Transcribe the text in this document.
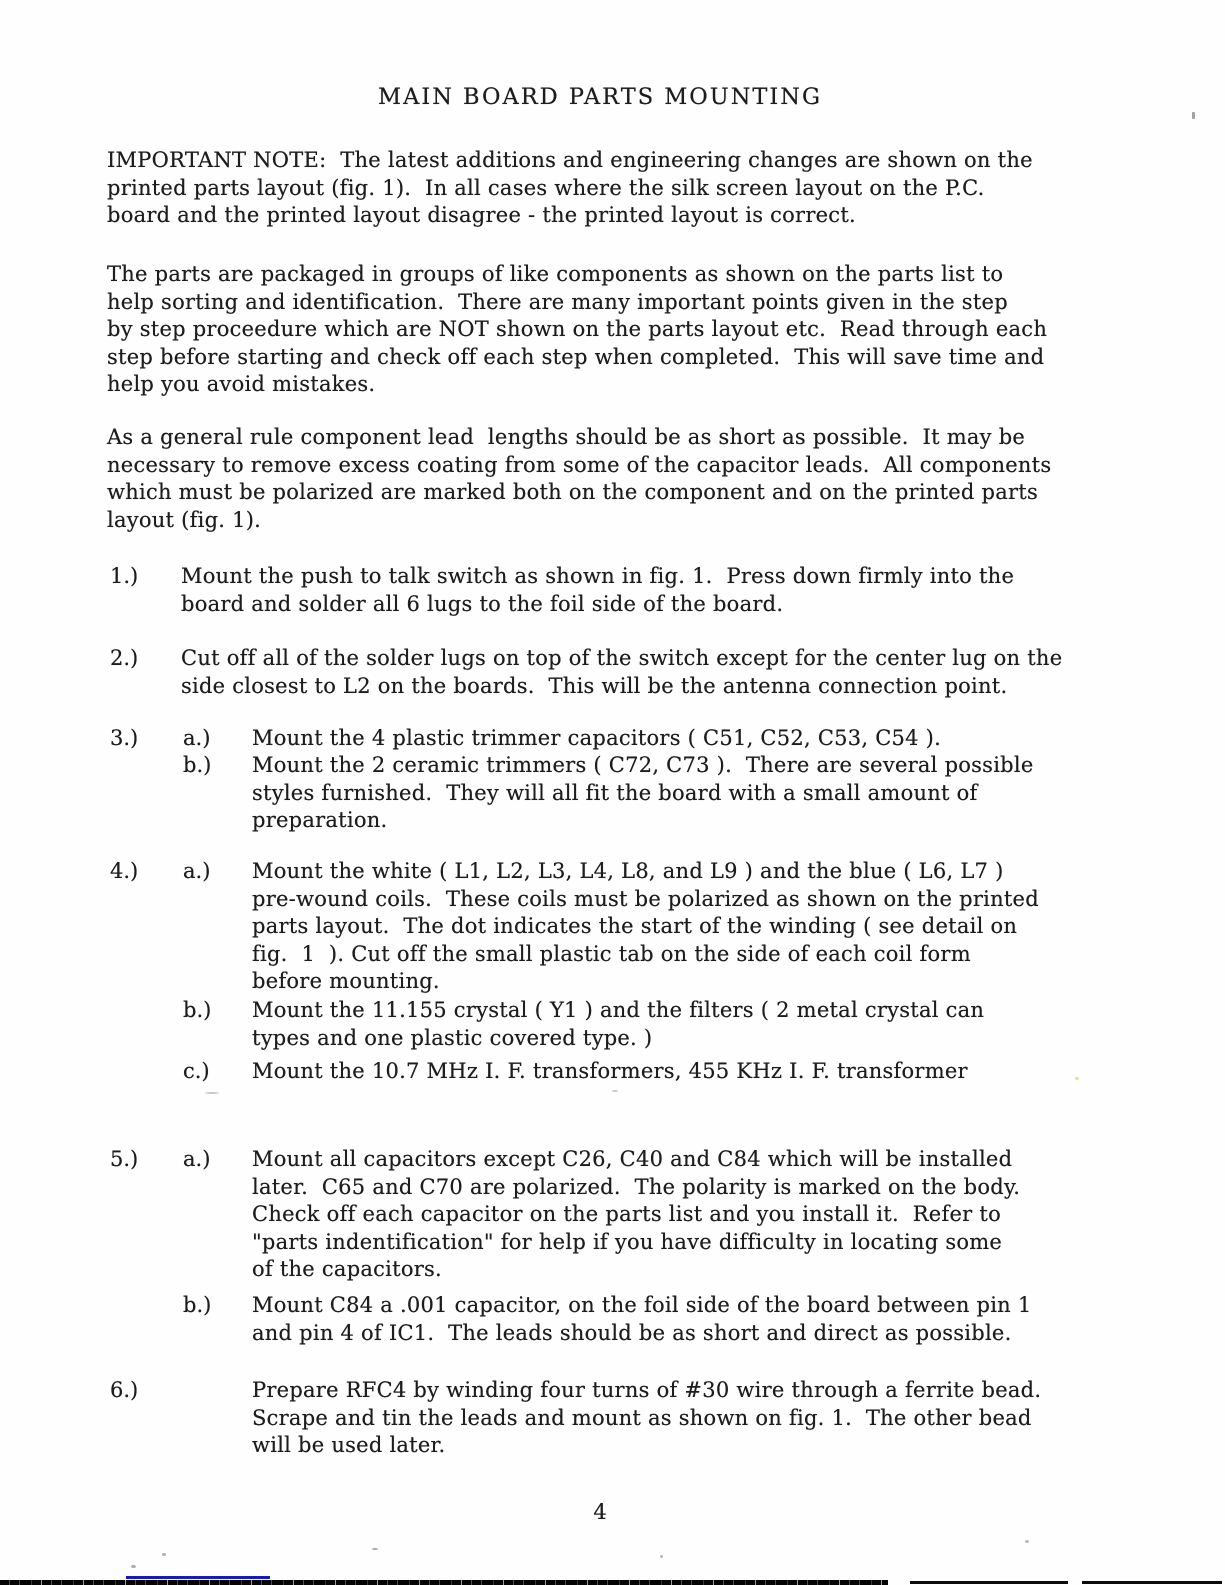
MAIN BOARD PARTS MOUNTING
IMPORTANT NOTE:  The latest additions and engineering changes are shown on the
printed parts layout (fig. 1).  In all cases where the silk screen layout on the P.C.
board and the printed layout disagree - the printed layout is correct.
The parts are packaged in groups of like components as shown on the parts list to
help sorting and identification.  There are many important points given in the step
by step proceedure which are NOT shown on the parts layout etc.  Read through each
step before starting and check off each step when completed.  This will save time and
help you avoid mistakes.
As a general rule component lead  lengths should be as short as possible.  It may be
necessary to remove excess coating from some of the capacitor leads.  All components
which must be polarized are marked both on the component and on the printed parts
layout (fig. 1).
1.) Mount the push to talk switch as shown in fig. 1.  Press down firmly into the
board and solder all 6 lugs to the foil side of the board.
2.) Cut off all of the solder lugs on top of the switch except for the center lug on the
side closest to L2 on the boards.  This will be the antenna connection point.
3.) a.) Mount the 4 plastic trimmer capacitors ( C51, C52, C53, C54 ).
b.) Mount the 2 ceramic trimmers ( C72, C73 ).  There are several possible
styles furnished.  They will all fit the board with a small amount of
preparation.
4.) a.) Mount the white ( L1, L2, L3, L4, L8, and L9 ) and the blue ( L6, L7 )
pre-wound coils.  These coils must be polarized as shown on the printed
parts layout.  The dot indicates the start of the winding ( see detail on
fig.  1  ). Cut off the small plastic tab on the side of each coil form
before mounting.
b.) Mount the 11.155 crystal ( Y1 ) and the filters ( 2 metal crystal can
types and one plastic covered type. )
c.) Mount the 10.7 MHz I. F. transformers, 455 KHz I. F. transformer
5.) a.) Mount all capacitors except C26, C40 and C84 which will be installed
later.  C65 and C70 are polarized.  The polarity is marked on the body.
Check off each capacitor on the parts list and you install it.  Refer to
"parts indentification" for help if you have difficulty in locating some
of the capacitors.
b.) Mount C84 a .001 capacitor, on the foil side of the board between pin 1
and pin 4 of IC1.  The leads should be as short and direct as possible.
6.)	Prepare RFC4 by winding four turns of #30 wire through a ferrite bead.
Scrape and tin the leads and mount as shown on fig. 1.  The other bead
will be used later.
4
